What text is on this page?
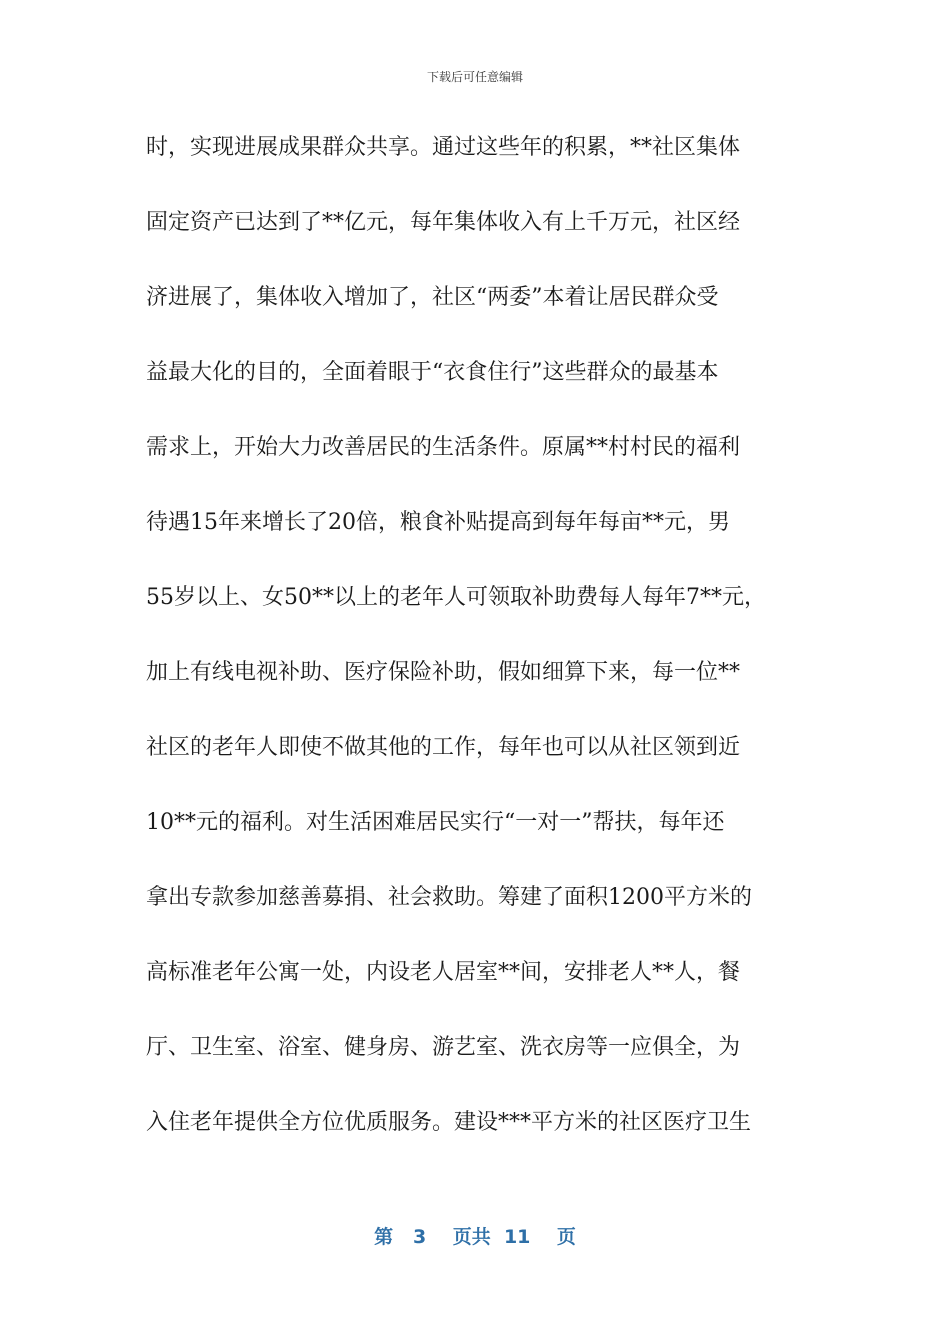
下载后可任意编辑
时，实现进展成果群众共享。通过这些年的积累，**社区集体
固定资产已达到了**亿元，每年集体收入有上千万元，社区经
济进展了，集体收入增加了，社区“两委”本着让居民群众受
益最大化的目的，全面着眼于“衣食住行”这些群众的最基本
需求上，开始大力改善居民的生活条件。原属**村村民的福利
待遇15年来增长了20倍，粮食补贴提高到每年每亩**元，男
55岁以上、女50**以上的老年人可领取补助费每人每年7**元，
加上有线电视补助、医疗保险补助，假如细算下来，每一位**
社区的老年人即使不做其他的工作，每年也可以从社区领到近
10**元的福利。对生活困难居民实行“一对一”帮扶，每年还
拿出专款参加慈善募捐、社会救助。筹建了面积1200平方米的
高标准老年公寓一处，内设老人居室**间，安排老人**人，餐
厅、卫生室、浴室、健身房、游艺室、洗衣房等一应俱全，为
入住老年提供全方位优质服务。建设***平方米的社区医疗卫生
第 3 页共 11 页
